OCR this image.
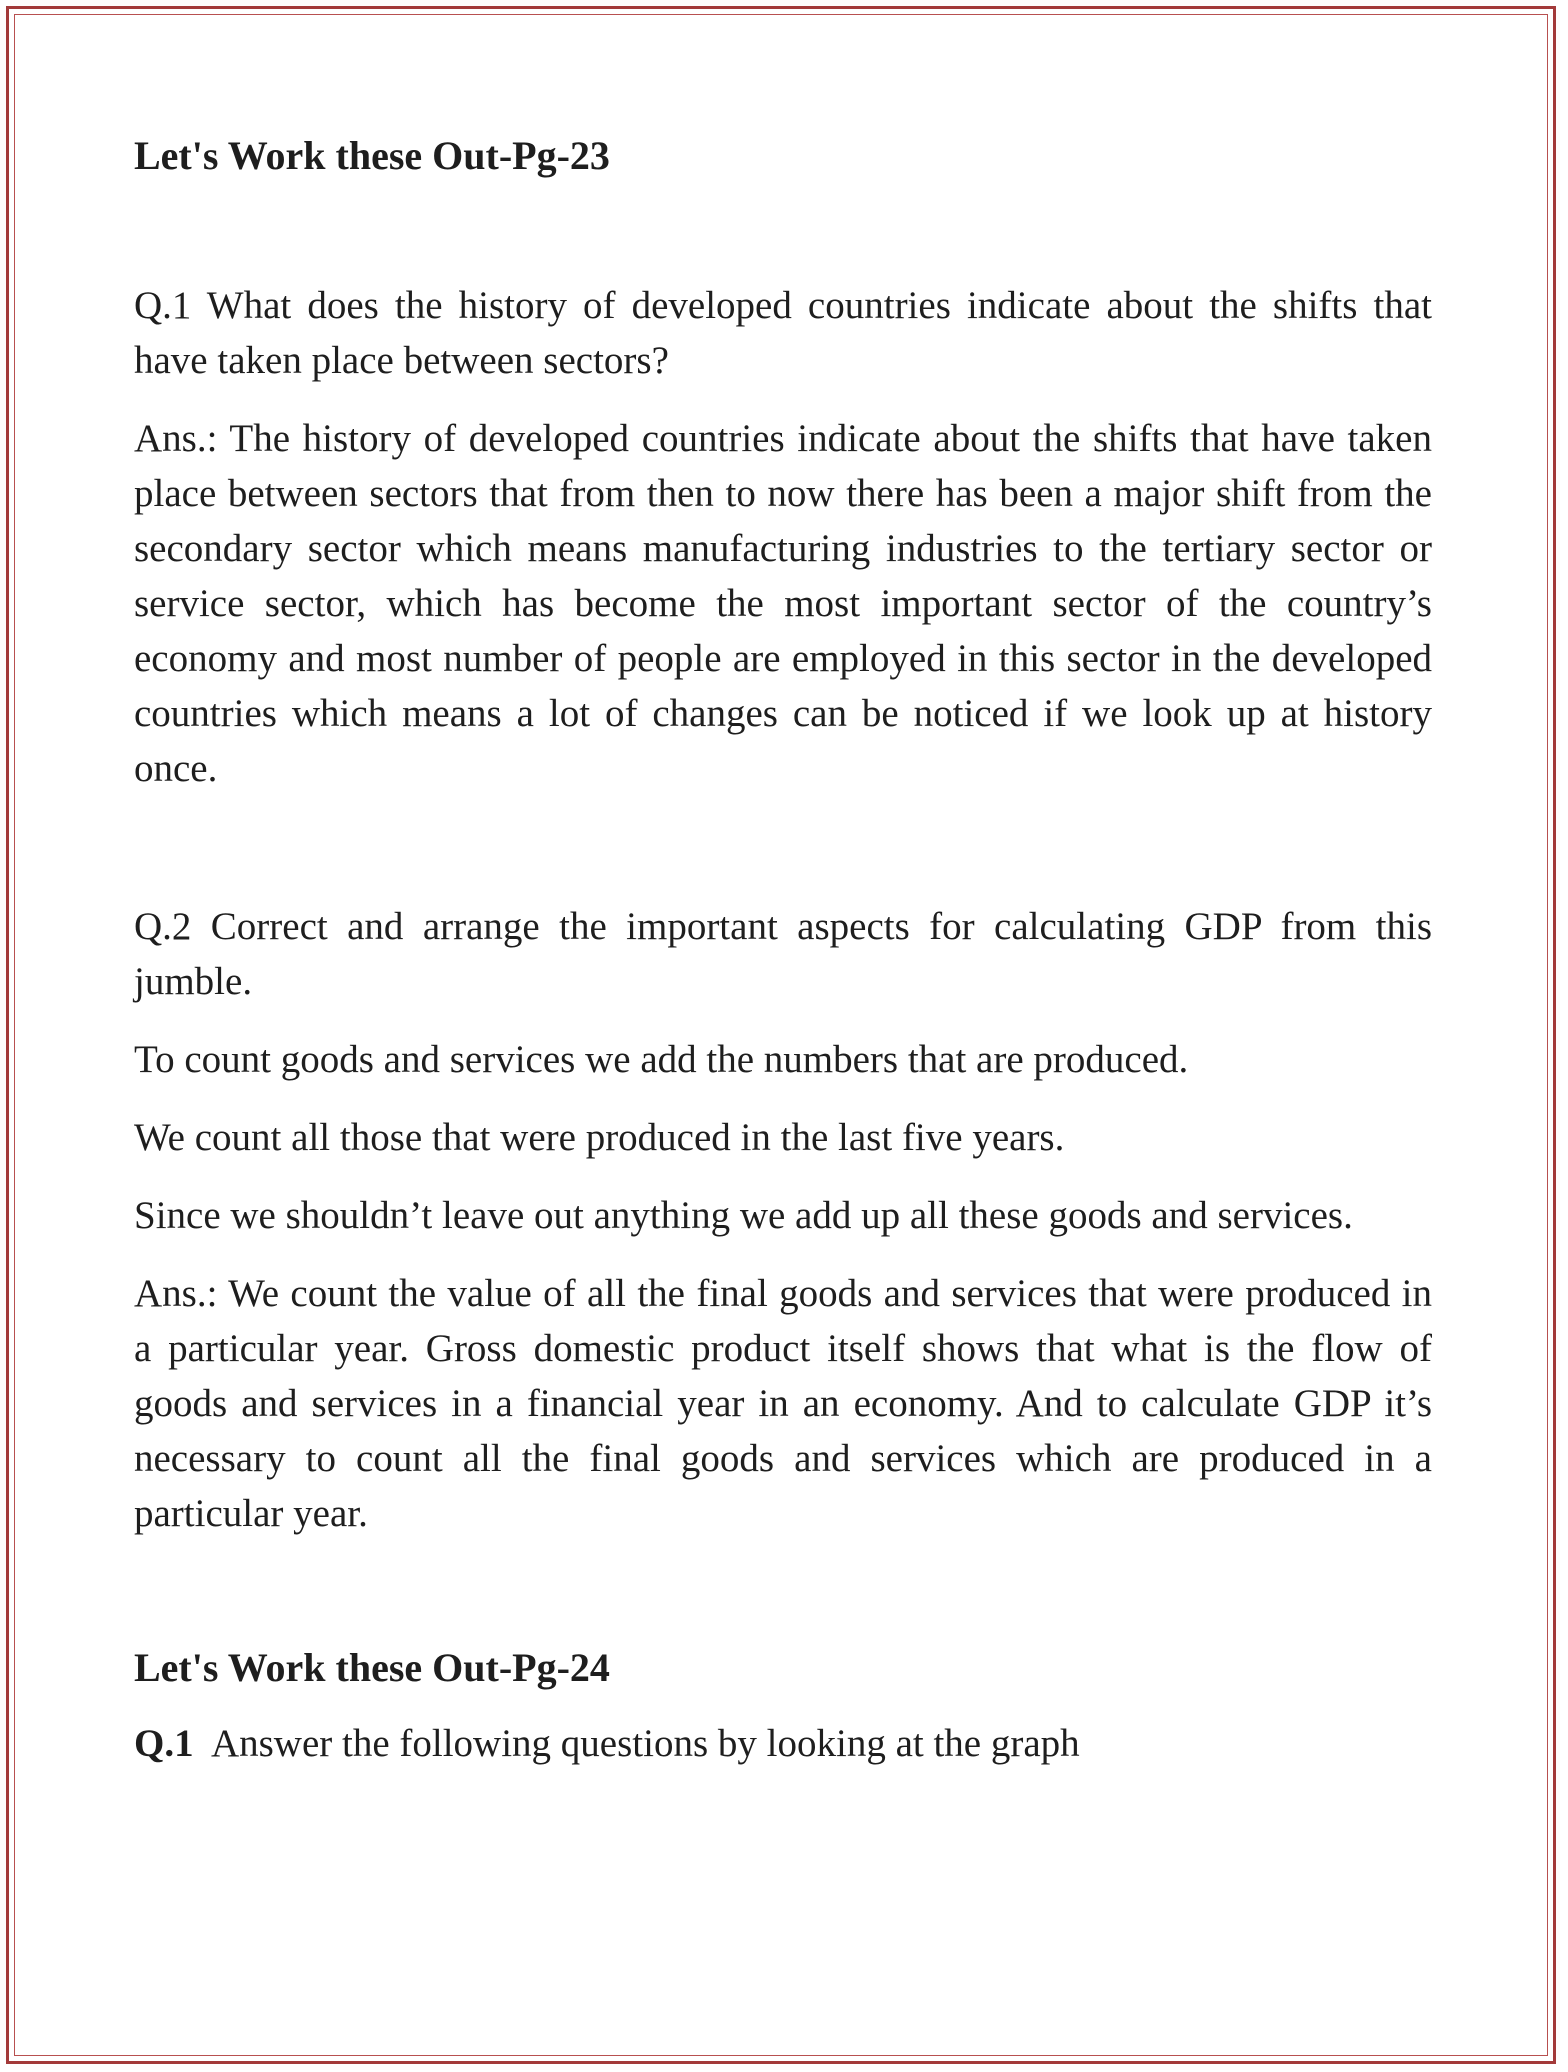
Let's Work these Out-Pg-23

Q.1 What does the history of developed countries indicate about the shifts that have taken place between sectors?

Ans.: The history of developed countries indicate about the shifts that have taken place between sectors that from then to now there has been a major shift from the secondary sector which means manufacturing industries to the tertiary sector or service sector, which has become the most important sector of the country’s economy and most number of people are employed in this sector in the developed countries which means a lot of changes can be noticed if we look up at history once.

Q.2 Correct and arrange the important aspects for calculating GDP from this jumble.

To count goods and services we add the numbers that are produced.

We count all those that were produced in the last five years.

Since we shouldn’t leave out anything we add up all these goods and services.

Ans.: We count the value of all the final goods and services that were produced in a particular year. Gross domestic product itself shows that what is the flow of goods and services in a financial year in an economy. And to calculate GDP it’s necessary to count all the final goods and services which are produced in a particular year.

Let's Work these Out-Pg-24

Q.1 Answer the following questions by looking at the graph
